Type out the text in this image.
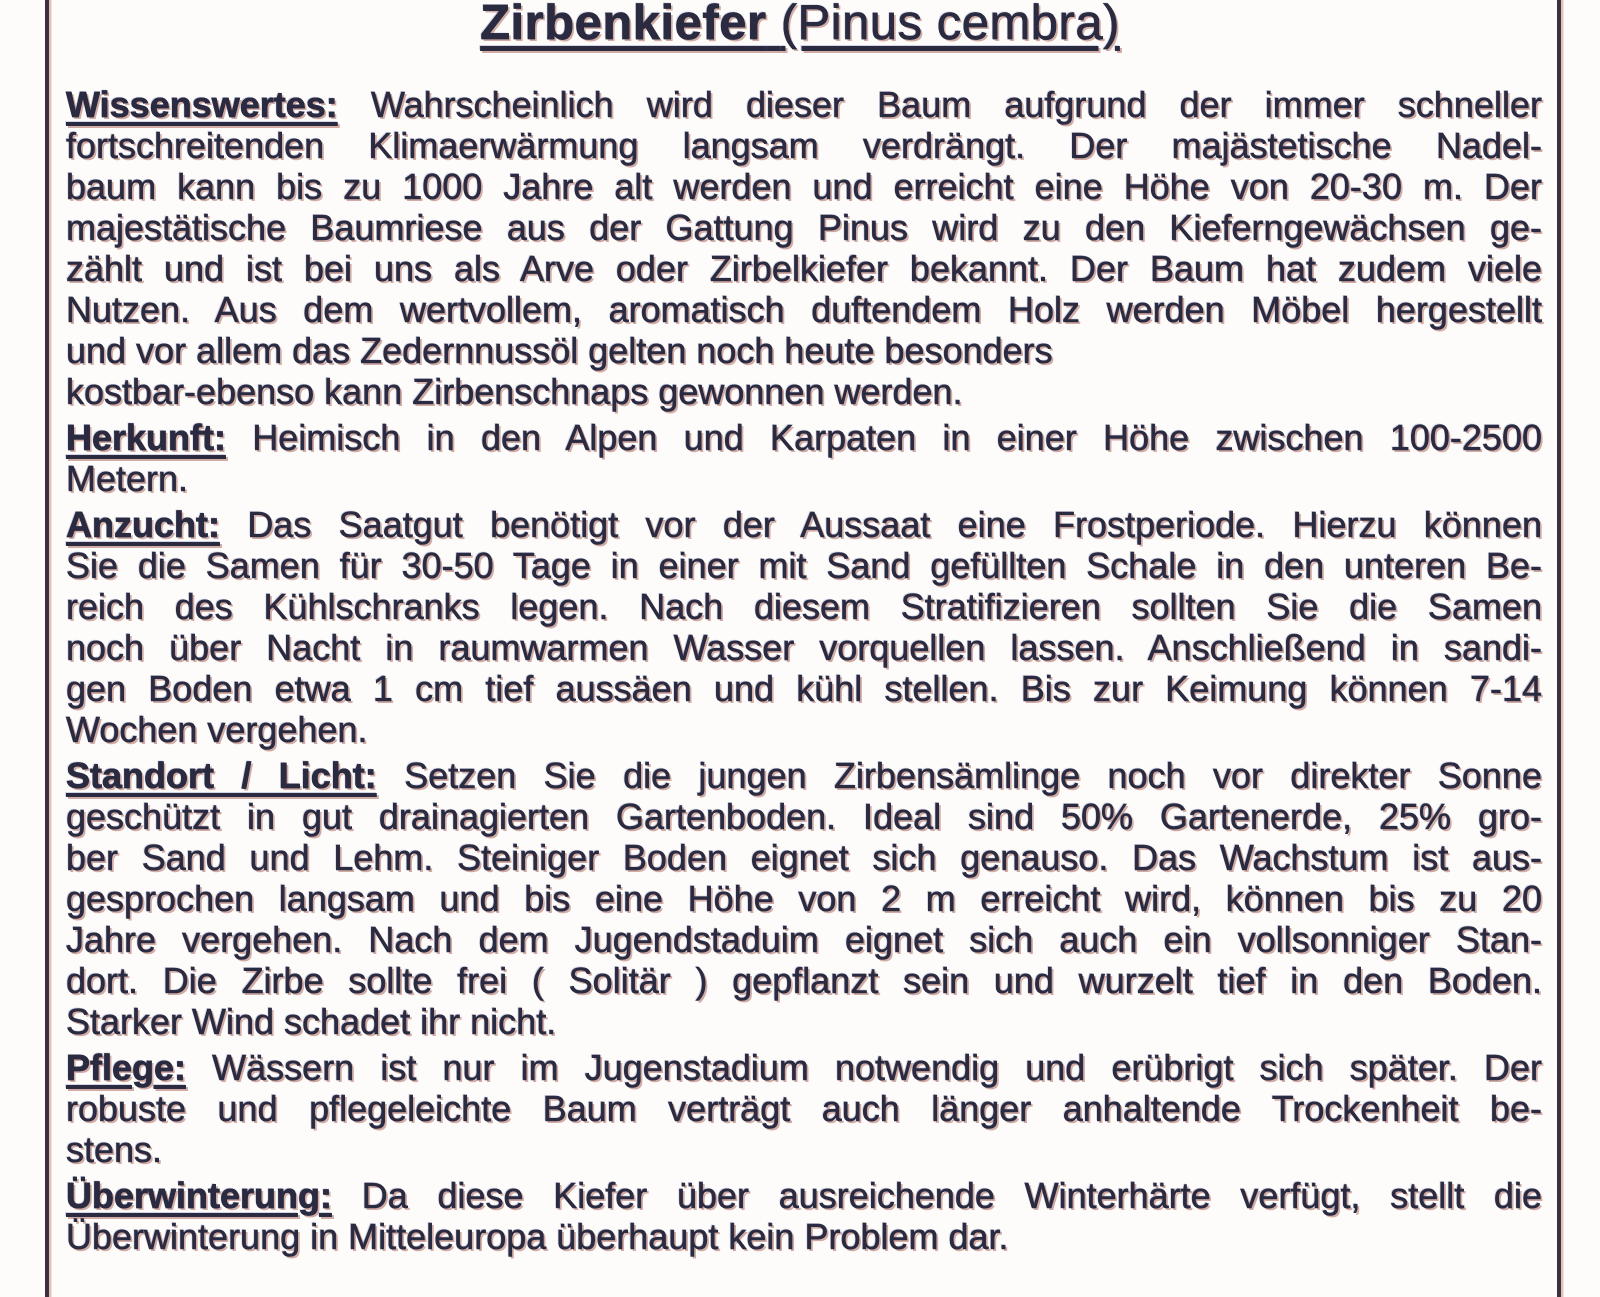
Zirbenkiefer (Pinus cembra)

Wissenswertes: Wahrscheinlich wird dieser Baum aufgrund der immer schneller
fortschreitenden Klimaerwärmung langsam verdrängt. Der majästetische Nadel-
baum kann bis zu 1000 Jahre alt werden und erreicht eine Höhe von 20-30 m. Der
majestätische Baumriese aus der Gattung Pinus wird zu den Kieferngewächsen ge-
zählt und ist bei uns als Arve oder Zirbelkiefer bekannt. Der Baum hat zudem viele
Nutzen. Aus dem wertvollem, aromatisch duftendem Holz werden Möbel hergestellt
und vor allem das Zedernnussöl gelten noch heute besonders
kostbar-ebenso kann Zirbenschnaps gewonnen werden.

Herkunft: Heimisch in den Alpen und Karpaten in einer Höhe zwischen 100-2500
Metern.

Anzucht: Das Saatgut benötigt vor der Aussaat eine Frostperiode. Hierzu können
Sie die Samen für 30-50 Tage in einer mit Sand gefüllten Schale in den unteren Be-
reich des Kühlschranks legen. Nach diesem Stratifizieren sollten Sie die Samen
noch über Nacht in raumwarmen Wasser vorquellen lassen. Anschließend in sandi-
gen Boden etwa 1 cm tief aussäen und kühl stellen. Bis zur Keimung können 7-14
Wochen vergehen.

Standort / Licht: Setzen Sie die jungen Zirbensämlinge noch vor direkter Sonne
geschützt in gut drainagierten Gartenboden. Ideal sind 50% Gartenerde, 25% gro-
ber Sand und Lehm. Steiniger Boden eignet sich genauso. Das Wachstum ist aus-
gesprochen langsam und bis eine Höhe von 2 m erreicht wird, können bis zu 20
Jahre vergehen. Nach dem Jugendstaduim eignet sich auch ein vollsonniger Stan-
dort. Die Zirbe sollte frei ( Solitär ) gepflanzt sein und wurzelt tief in den Boden.
Starker Wind schadet ihr nicht.

Pflege: Wässern ist nur im Jugenstadium notwendig und erübrigt sich später. Der
robuste und pflegeleichte Baum verträgt auch länger anhaltende Trockenheit be-
stens.

Überwinterung: Da diese Kiefer über ausreichende Winterhärte verfügt, stellt die
Überwinterung in Mitteleuropa überhaupt kein Problem dar.
